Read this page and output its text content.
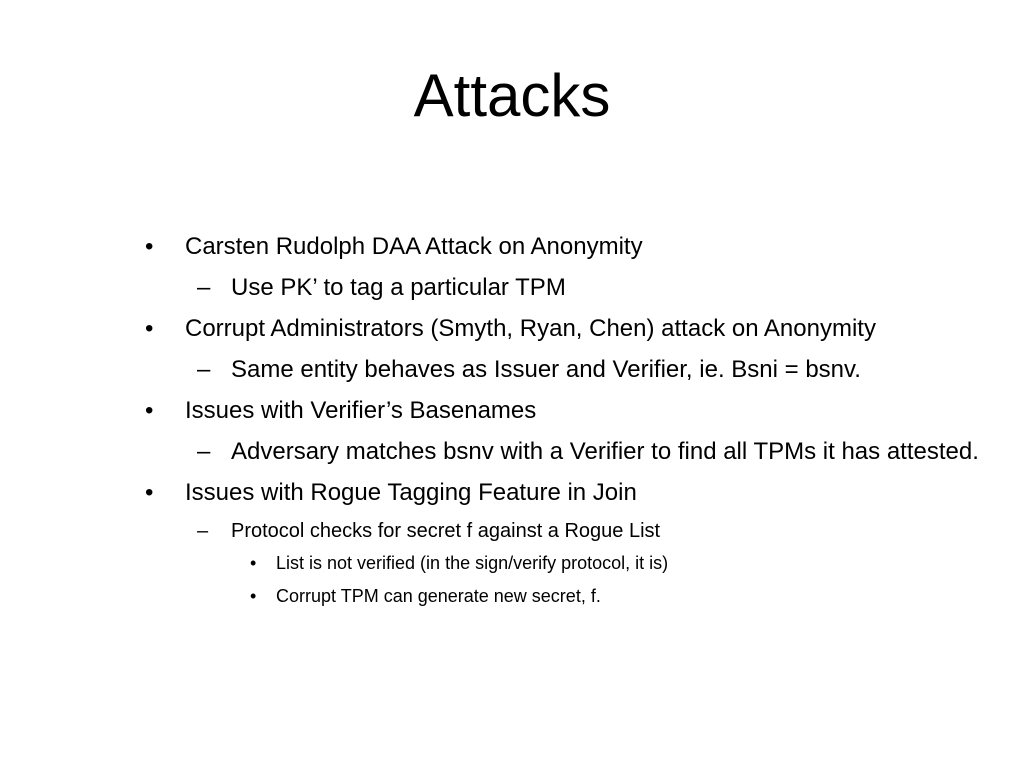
Attacks
• Carsten Rudolph DAA Attack on Anonymity
– Use PK’ to tag a particular TPM
• Corrupt Administrators (Smyth, Ryan, Chen) attack on Anonymity
– Same entity behaves as Issuer and Verifier, ie. Bsni = bsnv.
• Issues with Verifier’s Basenames
– Adversary matches bsnv with a Verifier to find all TPMs it has attested.
• Issues with Rogue Tagging Feature in Join
– Protocol checks for secret f against a Rogue List
• List is not verified (in the sign/verify protocol, it is)
• Corrupt TPM can generate new secret, f.
